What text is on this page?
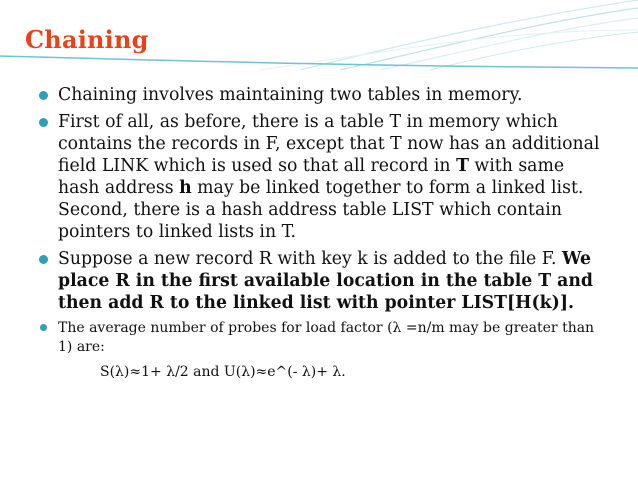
Chaining
Chaining involves maintaining two tables in memory.
First of all, as before, there is a table T in memory which contains the records in F, except that T now has an additional field LINK which is used so that all record in T with same hash address h may be linked together to form a linked list. Second, there is a hash address table LIST which contain pointers to linked lists in T.
Suppose a new record R with key k is added to the file F. We place R in the first available location in the table T and then add R to the linked list with pointer LIST[H(k)].
The average number of probes for load factor (λ =n/m may be greater than 1) are:
S(λ)≈1+ λ/2 and U(λ)≈e^(- λ)+ λ.
